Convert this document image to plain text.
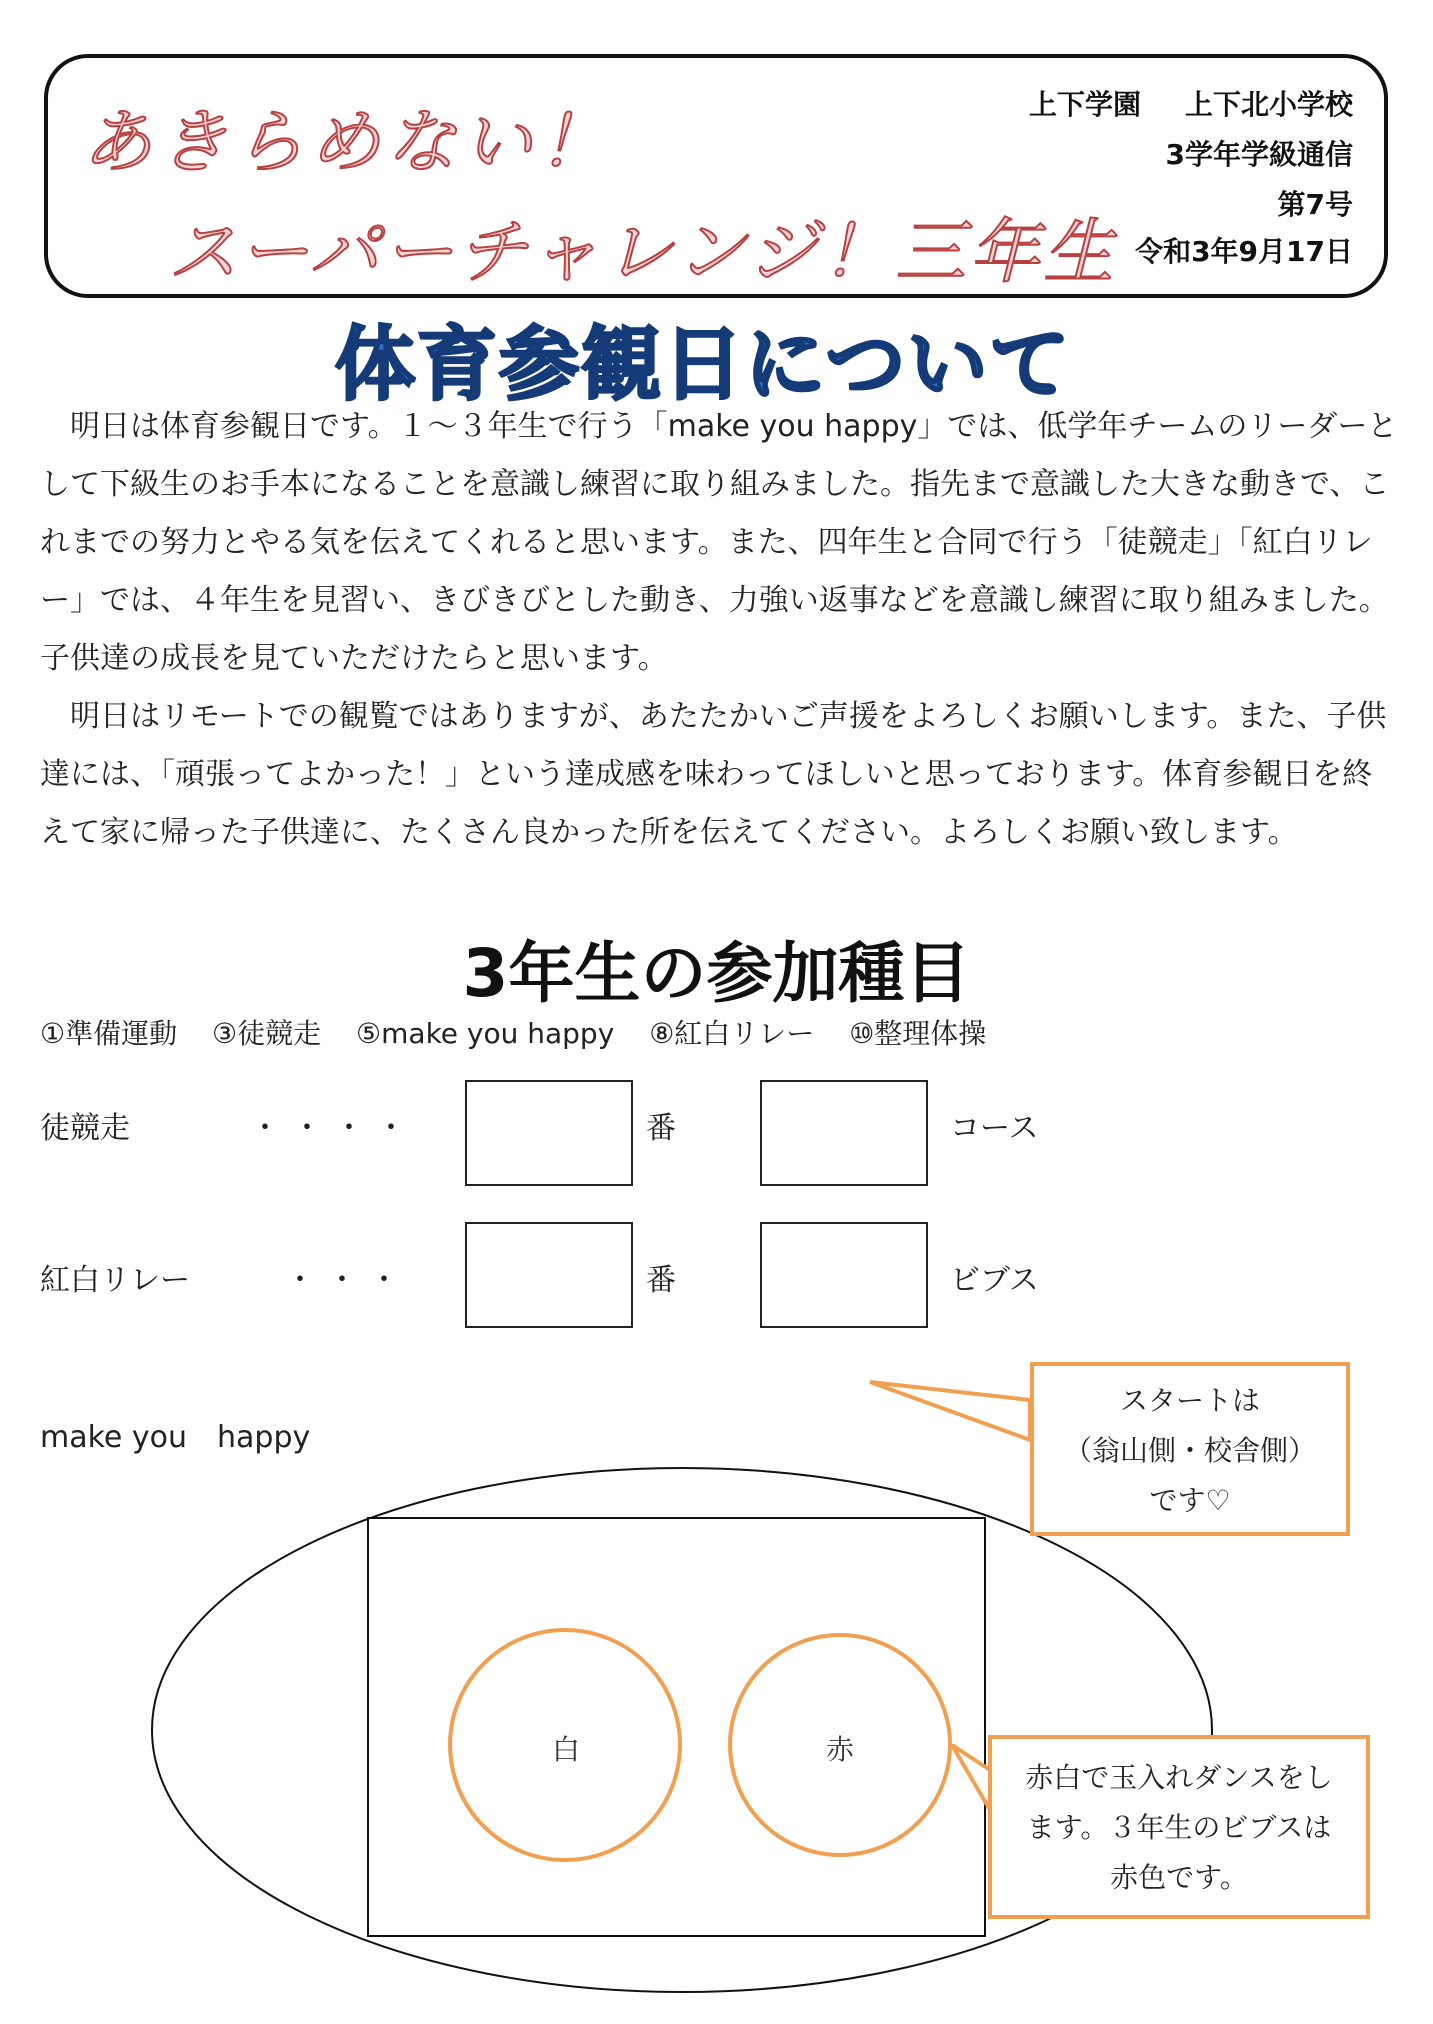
あきらめない！
スーパーチャレンジ！三年生
上下学園 上下北小学校
3学年学級通信
第7号
令和3年9月17日
体育参観日について

明日は体育参観日です。１～３年生で行う「make you happy」では、低学年チームのリーダーとして下級生のお手本になることを意識し練習に取り組みました。指先まで意識した大きな動きで、これまでの努力とやる気を伝えてくれると思います。また、四年生と合同で行う「徒競走」「紅白リレー」では、４年生を見習い、きびきびとした動き、力強い返事などを意識し練習に取り組みました。子供達の成長を見ていただけたらと思います。

明日はリモートでの観覧ではありますが、あたたかいご声援をよろしくお願いします。また、子供達には、「頑張ってよかった！」という達成感を味わってほしいと思っております。体育参観日を終えて家に帰った子供達に、たくさん良かった所を伝えてください。よろしくお願い致します。

3年生の参加種目
①準備運動 ③徒競走 ⑤make you happy ⑧紅白リレー ⑩整理体操
徒競走	・・・・	番	コース
紅白リレー	・・・	番	ビブス
make you　happy
白	赤
スタートは
（翁山側・校舎側）
です♡
赤白で玉入れダンスをし
ます。３年生のビブスは
赤色です。
